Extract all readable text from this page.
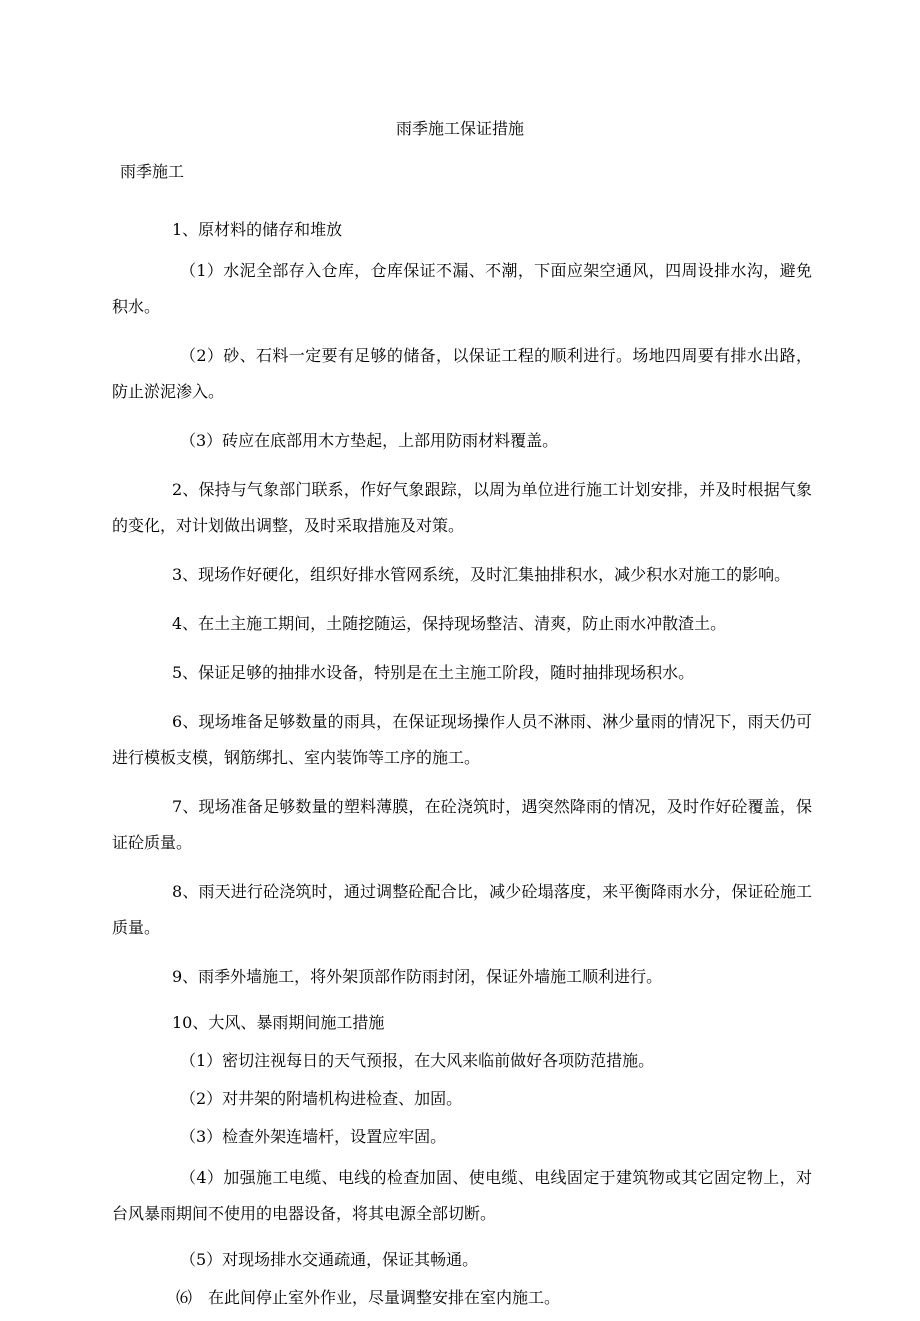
雨季施工保证措施
雨季施工

1、原材料的储存和堆放

（1）水泥全部存入仓库，仓库保证不漏、不潮，下面应架空通风，四周设排水沟，避免积水。

（2）砂、石料一定要有足够的储备，以保证工程的顺利进行。场地四周要有排水出路，防止淤泥渗入。

（3）砖应在底部用木方垫起，上部用防雨材料覆盖。

2、保持与气象部门联系，作好气象跟踪，以周为单位进行施工计划安排，并及时根据气象的变化，对计划做出调整，及时采取措施及对策。

3、现场作好硬化，组织好排水管网系统，及时汇集抽排积水，减少积水对施工的影响。

4、在土主施工期间，土随挖随运，保持现场整洁、清爽，防止雨水冲散渣土。

5、保证足够的抽排水设备，特别是在土主施工阶段，随时抽排现场积水。

6、现场堆备足够数量的雨具，在保证现场操作人员不淋雨、淋少量雨的情况下，雨天仍可进行模板支模，钢筋绑扎、室内装饰等工序的施工。

7、现场准备足够数量的塑料薄膜，在砼浇筑时，遇突然降雨的情况，及时作好砼覆盖，保证砼质量。

8、雨天进行砼浇筑时，通过调整砼配合比，减少砼塌落度，来平衡降雨水分，保证砼施工质量。

9、雨季外墙施工，将外架顶部作防雨封闭，保证外墙施工顺利进行。

10、大风、暴雨期间施工措施

（1）密切注视每日的天气预报，在大风来临前做好各项防范措施。

（2）对井架的附墙机构进检查、加固。

（3）检查外架连墙杆，设置应牢固。

（4）加强施工电缆、电线的检查加固、使电缆、电线固定于建筑物或其它固定物上，对台风暴雨期间不使用的电器设备，将其电源全部切断。

（5）对现场排水交通疏通，保证其畅通。

⑹ 在此间停止室外作业，尽量调整安排在室内施工。
